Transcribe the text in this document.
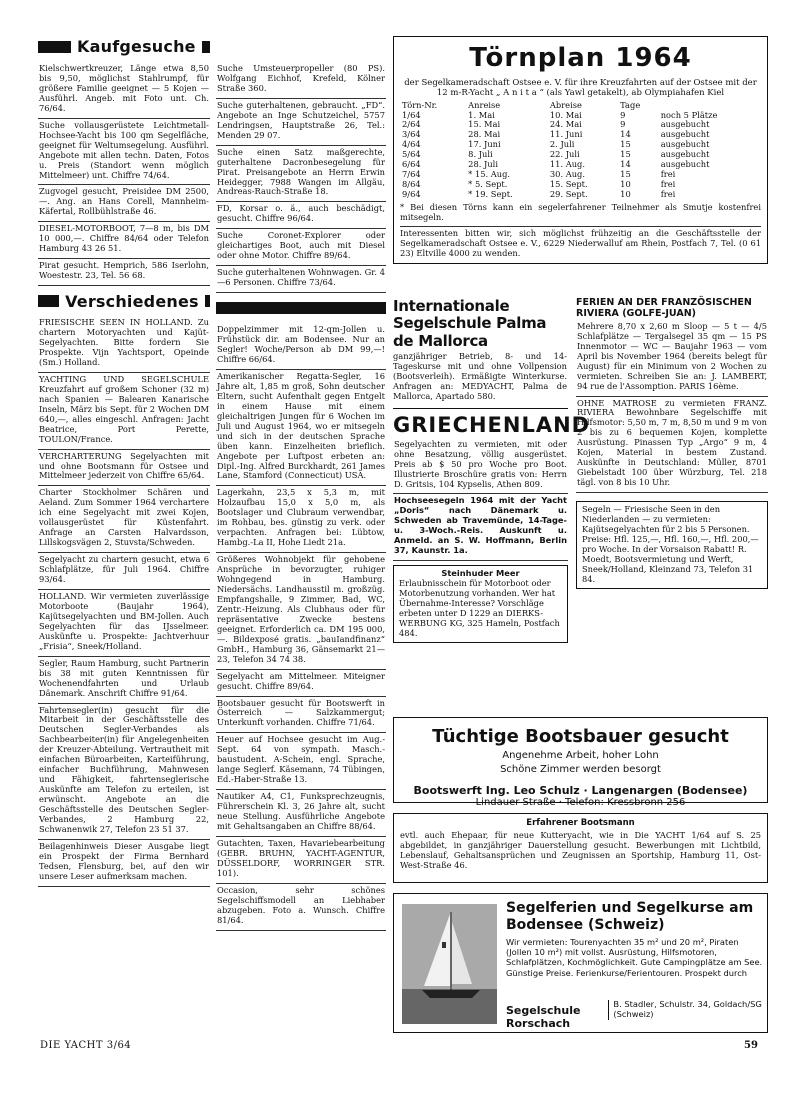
Kaufgesuche
Kielschwertkreuzer, Länge etwa 8,50 bis 9,50, möglichst Stahlrumpf, für größere Familie geeignet — 5 Kojen — Ausführl. Angeb. mit Foto unt. Ch. 76/64.
Suche vollausgerüstete Leichtmetall-Hochsee-Yacht bis 100 qm Segelfläche, geeignet für Weltumsegelung. Ausführl. Angebote mit allen techn. Daten, Fotos u. Preis (Standort wenn möglich Mittelmeer) unt. Chiffre 74/64.
Zugvogel gesucht, Preisidee DM 2500,—. Ang. an Hans Corell, Mannheim-Käfertal, Rollbühlstraße 46.
DIESEL-MOTORBOOT, 7—8 m, bis DM 10 000,—. Chiffre 84/64 oder Telefon Hamburg 43 26 51.
Pirat gesucht. Hemprich, 586 Iserlohn, Woestestr. 23, Tel. 56 68.
Verschiedenes
FRIESISCHE SEEN IN HOLLAND. Zu chartern Motoryachten und Kajüt-Segelyachten. Bitte fordern Sie Prospekte. Vijn Yachtsport, Opeinde (Sm.) Holland.
YACHTING UND SEGELSCHULE Kreuzfahrt auf großem Schoner (32 m) nach Spanien — Balearen Kanarische Inseln, März bis Sept. für 2 Wochen DM 640,—, alles eingeschl. Anfragen: Jacht Beatrice, Port Perette, TOULON/France.
VERCHARTERUNG Segelyachten mit und ohne Bootsmann für Ostsee und Mittelmeer jederzeit von Chiffre 65/64.
Charter Stockholmer Schären und Aeland. Zum Sommer 1964 verchartere ich eine Segelyacht mit zwei Kojen, vollausgerüstet für Küstenfahrt. Anfrage an Carsten Halvardsson, Lillskogsvägen 2, Stuvsta/Schweden.
Segelyacht zu chartern gesucht, etwa 6 Schlafplätze, für Juli 1964. Chiffre 93/64.
HOLLAND. Wir vermieten zuverlässige Motorboote (Baujahr 1964), Kajütsegelyachten und BM-Jollen. Auch Segelyachten für das IJsselmeer. Auskünfte u. Prospekte: Jachtverhuur „Frisia“, Sneek/Holland.
Segler, Raum Hamburg, sucht Partnerin bis 38 mit guten Kenntnissen für Wochenendfahrten und Urlaub Dänemark. Anschrift Chiffre 91/64.
Fahrtensegler(in) gesucht für die Mitarbeit in der Geschäftsstelle des Deutschen Segler-Verbandes als Sachbearbeiter(in) für Angelegenheiten der Kreuzer-Abteilung. Vertrautheit mit einfachen Büroarbeiten, Karteiführung, einfacher Buchführung, Mahnwesen und Fähigkeit, fahrtenseglerische Auskünfte am Telefon zu erteilen, ist erwünscht. Angebote an die Geschäftsstelle des Deutschen Segler-Verbandes, 2 Hamburg 22, Schwanenwik 27, Telefon 23 51 37.
Beilagenhinweis Dieser Ausgabe liegt ein Prospekt der Firma Bernhard Tedsen, Flensburg, bei, auf den wir unsere Leser aufmerksam machen.
Suche Umsteuerpropeller (80 PS). Wolfgang Eichhof, Krefeld, Kölner Straße 360.
Suche guterhaltenen, gebraucht. „FD“. Angebote an Inge Schutzeichel, 5757 Lendringsen, Hauptstraße 26, Tel.: Menden 29 07.
Suche einen Satz maßgerechte, guterhaltene Dacronbesegelung für Pirat. Preisangebote an Herrn Erwin Heidegger, 7988 Wangen im Allgäu, Andreas-Rauch-Straße 18.
FD, Korsar o. ä., auch beschädigt, gesucht. Chiffre 96/64.
Suche Coronet-Explorer oder gleichartiges Boot, auch mit Diesel oder ohne Motor. Chiffre 89/64.
Suche guterhaltenen Wohnwagen. Gr. 4—6 Personen. Chiffre 73/64.
Doppelzimmer mit 12-qm-Jollen u. Frühstück dir. am Bodensee. Nur an Segler! Woche/Person ab DM 99,—! Chiffre 66/64.
Amerikanischer Regatta-Segler, 16 Jahre alt, 1,85 m groß, Sohn deutscher Eltern, sucht Aufenthalt gegen Entgelt in einem Hause mit einem gleichaltrigen Jungen für 6 Wochen im Juli und August 1964, wo er mitsegeln und sich in der deutschen Sprache üben kann. Einzelheiten brieflich. Angebote per Luftpost erbeten an: Dipl.-Ing. Alfred Burckhardt, 261 James Lane, Stamford (Connecticut) USA.
Lagerkahn, 23,5 x 5,3 m, mit Holzaufbau 15,0 x 5,0 m, als Bootslager und Clubraum verwendbar, im Rohbau, bes. günstig zu verk. oder verpachten. Anfragen bei: Lübtow, Hambg.-La II, Hohe Liedt 21a.
Größeres Wohnobjekt für gehobene Ansprüche in bevorzugter, ruhiger Wohngegend in Hamburg. Niedersächs. Landhausstil m. großzüg. Empfangshalle, 9 Zimmer, Bad, WC, Zentr.-Heizung. Als Clubhaus oder für repräsentative Zwecke bestens geeignet. Erforderlich ca. DM 195 000,—. Bildexposé gratis. „bauIandfinanz“ GmbH., Hamburg 36, Gänsemarkt 21—23, Telefon 34 74 38.
Segelyacht am Mittelmeer. Miteigner gesucht. Chiffre 89/64.
Bootsbauer gesucht für Bootswerft in Österreich — Salzkammergut; Unterkunft vorhanden. Chiffre 71/64.
Heuer auf Hochsee gesucht im Aug.-Sept. 64 von sympath. Masch.-baustudent. A-Schein, engl. Sprache, lange Seglerf. Käsemann, 74 Tübingen, Ed.-Haber-Straße 13.
Nautiker A4, C1, Funksprechzeugnis, Führerschein Kl. 3, 26 Jahre alt, sucht neue Stellung. Ausführliche Angebote mit Gehaltsangaben an Chiffre 88/64.
Gutachten, Taxen, Havariebearbeitung (GEBR. BRUHN, YACHT-AGENTUR, DÜSSELDORF, WORRINGER STR. 101).
Occasion, sehr schönes Segelschiffsmodell an Liebhaber abzugeben. Foto a. Wunsch. Chiffre 81/64.
Törnplan 1964
der Segelkameradschaft Ostsee e. V. für ihre Kreuzfahrten auf der Ostsee mit der 12 m-R-Yacht „ A n i t a “ (als Yawl getakelt), ab Olympiahafen Kiel
Törn-Nr.	Anreise	Abreise	Tage	
1/64	1. Mai	10. Mai	9	noch 5 Plätze
2/64	15. Mai	24. Mai	9	ausgebucht
3/64	28. Mai	11. Juni	14	ausgebucht
4/64	17. Juni	2. Juli	15	ausgebucht
5/64	8. Juli	22. Juli	15	ausgebucht
6/64	28. Juli	11. Aug.	14	ausgebucht
7/64	* 15. Aug.	30. Aug.	15	frei
8/64	* 5. Sept.	15. Sept.	10	frei
9/64	* 19. Sept.	29. Sept.	10	frei
* Bei diesen Törns kann ein segelerfahrener Teilnehmer als Smutje kostenfrei mitsegeln.
Interessenten bitten wir, sich möglichst frühzeitig an die Geschäftsstelle der Segelkameradschaft Ostsee e. V., 6229 Niederwalluf am Rhein, Postfach 7, Tel. (0 61 23) Eltville 4000 zu wenden.
Internationale Segelschule Palma de Mallorca
ganzjähriger Betrieb, 8- und 14-Tageskurse mit und ohne Vollpension (Bootsverleih). Ermäßigte Winterkurse. Anfragen an: MEDYACHT, Palma de Mallorca, Apartado 580.
GRIECHENLAND
Segelyachten zu vermieten, mit oder ohne Besatzung, völlig ausgerüstet. Preis ab $ 50 pro Woche pro Boot. Illustrierte Broschüre gratis von: Herrn D. Gritsis, 104 Kypselis, Athen 809.
Hochseesegeln 1964 mit der Yacht „Doris“ nach Dänemark u. Schweden ab Travemünde, 14-Tage- u. 3-Woch.-Reis. Auskunft u. Anmeld. an S. W. Hoffmann, Berlin 37, Kaunstr. 1a.
Steinhuder Meer
Erlaubnisschein für Motorboot oder Motorbenutzung vorhanden. Wer hat Übernahme-Interesse? Vorschläge erbeten unter D 1229 an DIERKS-WERBUNG KG, 325 Hameln, Postfach 484.
FERIEN AN DER FRANZÖSISCHEN RIVIERA (GOLFE-JUAN)
Mehrere 8,70 x 2,60 m Sloop — 5 t — 4/5 Schlafplätze — Tergalsegel 35 qm — 15 PS Innenmotor — WC — Baujahr 1963 — vom April bis November 1964 (bereits belegt für August) für ein Minimum von 2 Wochen zu vermieten. Schreiben Sie an: J. LAMBERT, 94 rue de l'Assomption. PARIS 16ème.
OHNE MATROSE zu vermieten FRANZ. RIVIERA Bewohnbare Segelschiffe mit Hilfsmotor: 5,50 m, 7 m, 8,50 m und 9 m von 2 bis zu 6 bequemen Kojen, komplette Ausrüstung. Pinassen Typ „Argo“ 9 m, 4 Kojen, Material in bestem Zustand. Auskünfte in Deutschland: Müller, 8701 Giebelstadt 100 über Würzburg, Tel. 218 tägl. von 8 bis 10 Uhr.
Segeln — Friesische Seen in den Niederlanden — zu vermieten: Kajütsegelyachten für 2 bis 5 Personen. Preise: Hfl. 125,—, Hfl. 160,—, Hfl. 200,— pro Woche. In der Vorsaison Rabatt! R. Moedt, Bootsvermietung und Werft, Sneek/Holland, Kleinzand 73, Telefon 31 84.
Tüchtige Bootsbauer gesucht
Angenehme Arbeit, hoher Lohn
Schöne Zimmer werden besorgt
Bootswerft Ing. Leo Schulz · Langenargen (Bodensee)
Lindauer Straße · Telefon: Kressbronn 256
Erfahrener Bootsmann
evtl. auch Ehepaar, für neue Kutteryacht, wie in Die YACHT 1/64 auf S. 25 abgebildet, in ganzjähriger Dauerstellung gesucht. Bewerbungen mit Lichtbild, Lebenslauf, Gehaltsansprüchen und Zeugnissen an Sportship, Hamburg 11, Ost-West-Straße 46.
Segelferien und Segelkurse am Bodensee (Schweiz)
Wir vermieten: Tourenyachten 35 m² und 20 m², Piraten (Jollen 10 m²) mit vollst. Ausrüstung, Hilfsmotoren, Schlafplätzen, Kochmöglichkeit. Gute Campingplätze am See. Günstige Preise. Ferienkurse/Ferientouren. Prospekt durch
Segelschule Rorschach
B. Stadler, Schulstr. 34, Goldach/SG (Schweiz)
DIE YACHT 3/64	59
